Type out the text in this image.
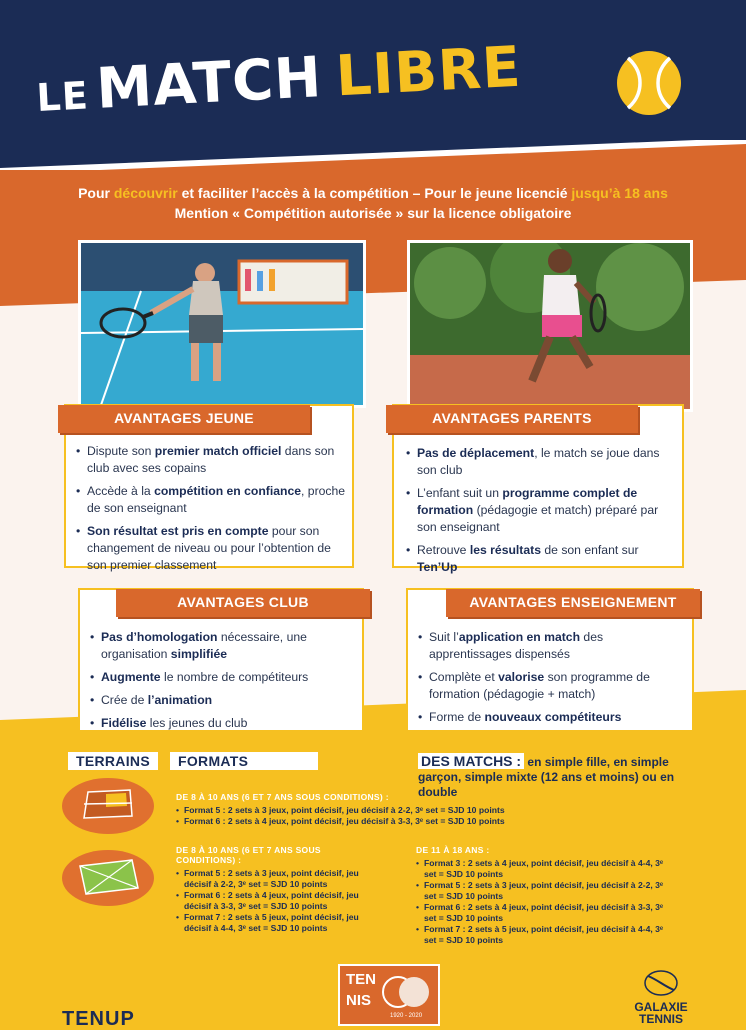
LEMATCH LIBRE
Pour découvrir et faciliter l’accès à la compétition – Pour le jeune licencié jusqu’à 18 ans
Mention « Compétition autorisée » sur la licence obligatoire
AVANTAGES JEUNE
• Dispute son premier match officiel dans son club avec ses copains
• Accède à la compétition en confiance, proche de son enseignant
• Son résultat est pris en compte pour son changement de niveau ou pour l’obtention de son premier classement
AVANTAGES PARENTS
• Pas de déplacement, le match se joue dans son club
• L’enfant suit un programme complet de formation (pédagogie et match) préparé par son enseignant
• Retrouve les résultats de son enfant sur Ten’Up
AVANTAGES CLUB
• Pas d’homologation nécessaire, une organisation simplifiée
• Augmente le nombre de compétiteurs
• Crée de l’animation
• Fidélise les jeunes du club
AVANTAGES ENSEIGNEMENT
• Suit l’application en match des apprentissages dispensés
• Complète et valorise son programme de formation (pédagogie + match)
• Forme de nouveaux compétiteurs
TERRAINS	FORMATS	DES MATCHS : en simple fille, en simple garçon, simple mixte (12 ans et moins) ou en double
DE 8 À 10 ANS (6 ET 7 ANS SOUS CONDITIONS) :
• Format 5 : 2 sets à 3 jeux, point décisif, jeu décisif à 2-2, 3ᵉ set = SJD 10 points
• Format 6 : 2 sets à 4 jeux, point décisif, jeu décisif à 3-3, 3ᵉ set = SJD 10 points
DE 8 À 10 ANS (6 ET 7 ANS SOUS CONDITIONS) :
• Format 5 : 2 sets à 3 jeux, point décisif, jeu décisif à 2-2, 3ᵉ set = SJD 10 points
• Format 6 : 2 sets à 4 jeux, point décisif, jeu décisif à 3-3, 3ᵉ set = SJD 10 points
• Format 7 : 2 sets à 5 jeux, point décisif, jeu décisif à 4-4, 3ᵉ set = SJD 10 points
DE 11 À 18 ANS :
• Format 3 : 2 sets à 4 jeux, point décisif, jeu décisif à 4-4, 3ᵉ set = SJD 10 points
• Format 5 : 2 sets à 3 jeux, point décisif, jeu décisif à 2-2, 3ᵉ set = SJD 10 points
• Format 6 : 2 sets à 4 jeux, point décisif, jeu décisif à 3-3, 3ᵉ set = SJD 10 points
• Format 7 : 2 sets à 5 jeux, point décisif, jeu décisif à 4-4, 3ᵉ set = SJD 10 points
TENUP
TEN
NIS
1920 - 2020
GALAXIE
TENNIS
